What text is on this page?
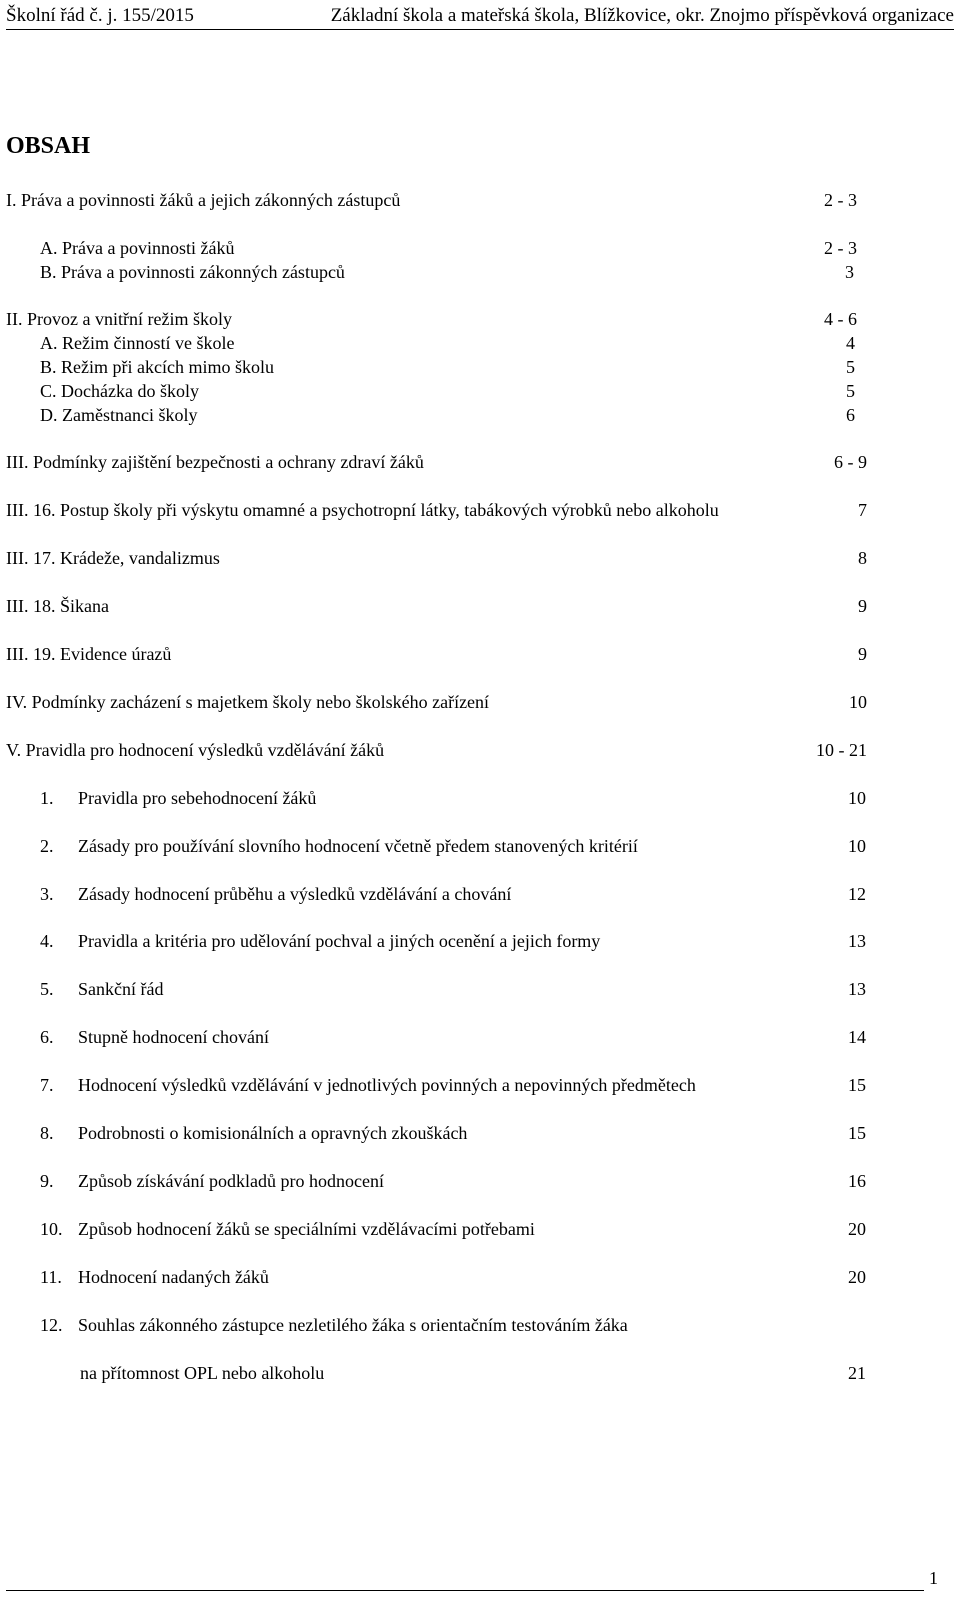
Školní řád č. j. 155/2015	Základní škola a mateřská škola, Blížkovice, okr. Znojmo příspěvková organizace
OBSAH
I. Práva a povinnosti žáků a jejich zákonných zástupců	2 - 3
A. Práva a povinnosti žáků	2 - 3
B. Práva a povinnosti zákonných zástupců	3
II. Provoz a vnitřní režim školy	4 - 6
A. Režim činností ve škole	4
B. Režim při akcích mimo školu	5
C. Docházka do školy	5
D. Zaměstnanci školy	6
III. Podmínky zajištění bezpečnosti a ochrany zdraví žáků	6 - 9
III. 16. Postup školy při výskytu omamné a psychotropní látky, tabákových výrobků nebo alkoholu	7
III. 17. Krádeže, vandalizmus	8
III. 18. Šikana	9
III. 19. Evidence úrazů	9
IV. Podmínky zacházení s majetkem školy nebo školského zařízení	10
V. Pravidla pro hodnocení výsledků vzdělávání žáků	10 - 21
1. Pravidla pro sebehodnocení žáků	10
2. Zásady pro používání slovního hodnocení včetně předem stanovených kritérií	10
3. Zásady hodnocení průběhu a výsledků vzdělávání a chování	12
4. Pravidla a kritéria pro udělování pochval a jiných ocenění a jejich formy	13
5. Sankční řád	13
6. Stupně hodnocení chování	14
7. Hodnocení výsledků vzdělávání v jednotlivých povinných a nepovinných předmětech	15
8. Podrobnosti o komisionálních a opravných zkouškách	15
9. Způsob získávání podkladů pro hodnocení	16
10. Způsob hodnocení žáků se speciálními vzdělávacími potřebami	20
11. Hodnocení nadaných žáků	20
12. Souhlas zákonného zástupce nezletilého žáka s orientačním testováním žáka
na přítomnost OPL nebo alkoholu	21
1
